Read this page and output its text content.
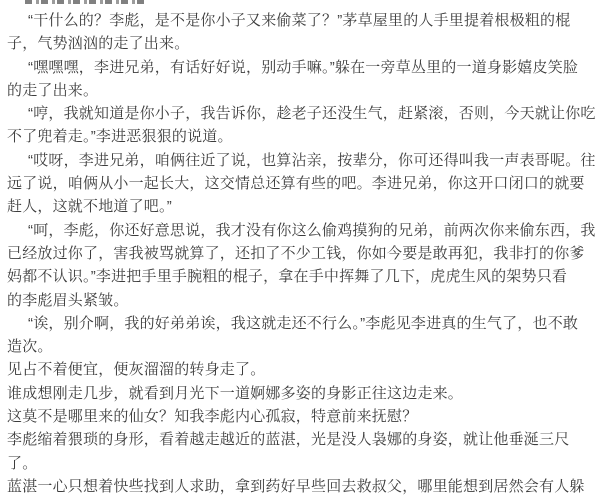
“干什么的？李彪，是不是你小子又来偷菜了？”茅草屋里的人手里提着根极粗的棍
子，气势汹汹的走了出来。
“嘿嘿嘿，李进兄弟，有话好好说，别动手嘛。”躲在一旁草丛里的一道身影嬉皮笑脸
的走了出来。
“哼，我就知道是你小子，我告诉你，趁老子还没生气，赶紧滚，否则，今天就让你吃
不了兜着走。”李进恶狠狠的说道。
“哎呀，李进兄弟，咱俩往近了说，也算沾亲，按辈分，你可还得叫我一声表哥呢。往
远了说，咱俩从小一起长大，这交情总还算有些的吧。李进兄弟，你这开口闭口的就要
赶人，这就不地道了吧。”
“呵，李彪，你还好意思说，我才没有你这么偷鸡摸狗的兄弟，前两次你来偷东西，我
已经放过你了，害我被骂就算了，还扣了不少工钱，你如今要是敢再犯，我非打的你爹
妈都不认识。”李进把手里手腕粗的棍子，拿在手中挥舞了几下，虎虎生风的架势只看
的李彪眉头紧皱。
“诶，别介啊，我的好弟弟诶，我这就走还不行么。”李彪见李进真的生气了，也不敢
造次。
见占不着便宜，便灰溜溜的转身走了。
谁成想刚走几步，就看到月光下一道婀娜多姿的身影正往这边走来。
这莫不是哪里来的仙女？知我李彪内心孤寂，特意前来抚慰？
李彪缩着猥琐的身形，看着越走越近的蓝湛，光是没人袅娜的身姿，就让他垂涎三尺
了。
蓝湛一心只想着快些找到人求助，拿到药好早些回去救叔父，哪里能想到居然会有人躲
